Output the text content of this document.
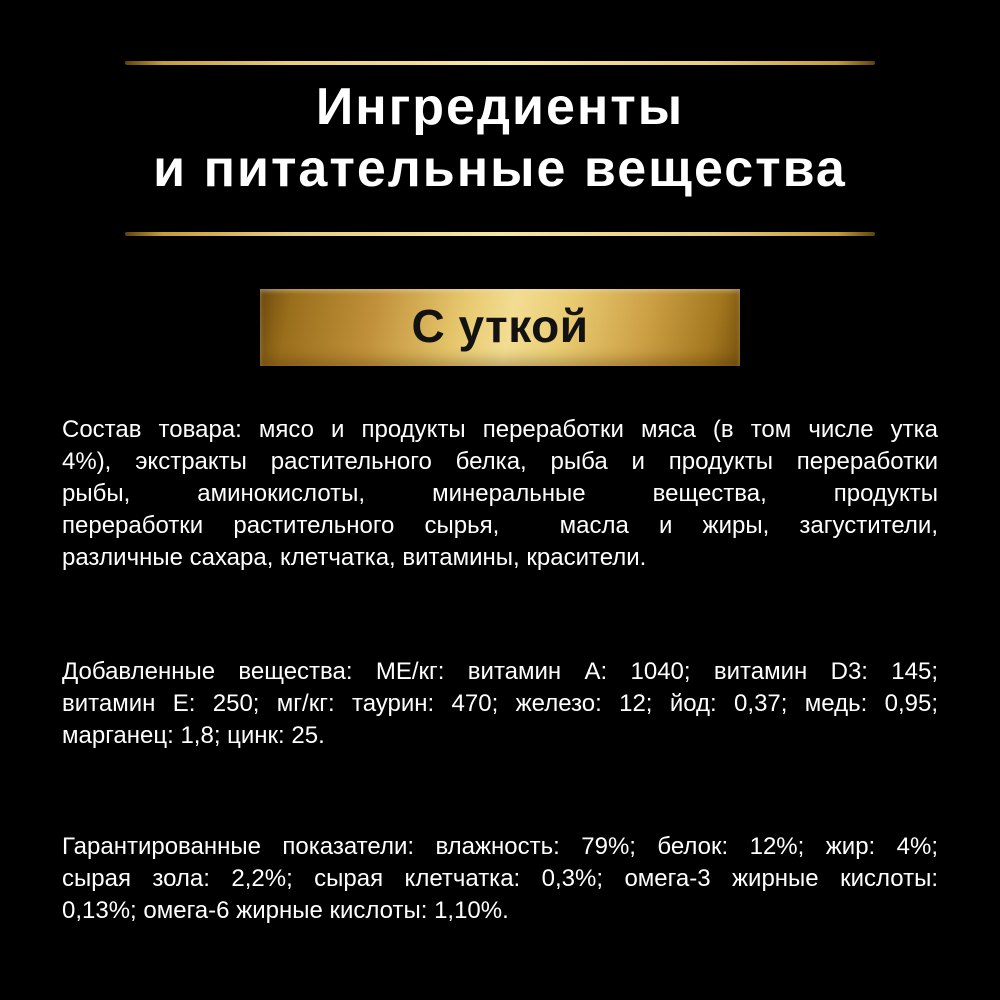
Ингредиенты
и питательные вещества
С уткой
Состав товара: мясо и продукты переработки мяса (в том числе утка
4%), экстракты растительного белка, рыба и продукты переработки
рыбы, аминокислоты, минеральные вещества, продукты
переработки растительного сырья,  масла и жиры, загустители,
различные сахара, клетчатка, витамины, красители.
Добавленные вещества: МЕ/кг: витамин А: 1040; витамин D3: 145;
витамин Е: 250; мг/кг: таурин: 470; железо: 12; йод: 0,37; медь: 0,95;
марганец: 1,8; цинк: 25.
Гарантированные показатели: влажность: 79%; белок: 12%; жир: 4%;
сырая зола: 2,2%; сырая клетчатка: 0,3%; омега-3 жирные кислоты:
0,13%; омега-6 жирные кислоты: 1,10%.
